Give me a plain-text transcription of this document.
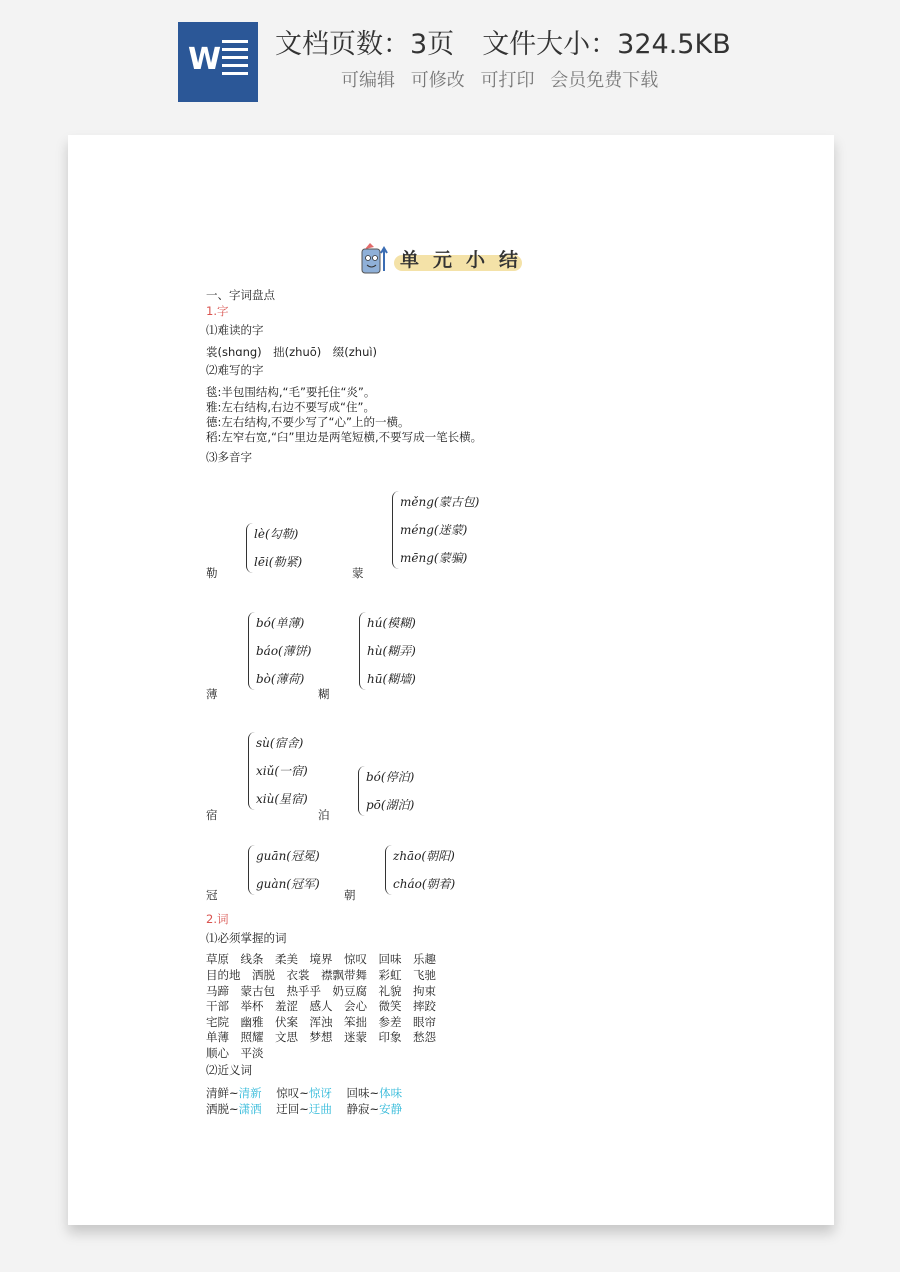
W 文档页数：3页 文件大小：324.5KB
可编辑 可修改 可打印 会员免费下载
单元小结
一、字词盘点
1.字
⑴难读的字
裳(shɑng)　拙(zhuō)　缀(zhuì)
⑵难写的字
毯:半包围结构,“毛”要托住“炎”。
雅:左右结构,右边不要写成“住”。
德:左右结构,不要少写了“心”上的一横。
稻:左窄右宽,“臼”里边是两笔短横,不要写成一笔长横。
⑶多音字
勒
lè(勾勒)
lēi(勒紧)
蒙
měng(蒙古包)
méng(迷蒙)
mēng(蒙骗)
薄
bó(单薄)
báo(薄饼)
bò(薄荷)
糊
hú(模糊)
hù(糊弄)
hū(糊墙)
宿
sù(宿舍)
xiǔ(一宿)
xiù(星宿)
泊
bó(停泊)
pō(湖泊)
冠
guān(冠冕)
guàn(冠军)
朝
zhāo(朝阳)
cháo(朝着)
2.词
⑴必须掌握的词
草原　线条　柔美　境界　惊叹　回味　乐趣
目的地　洒脱　衣裳　襟飘带舞　彩虹　飞驰
马蹄　蒙古包　热乎乎　奶豆腐　礼貌　拘束
干部　举杯　羞涩　感人　会心　微笑　摔跤
宅院　幽雅　伏案　浑浊　笨拙　参差　眼帘
单薄　照耀　文思　梦想　迷蒙　印象　愁怨
顺心　平淡
⑵近义词
清鲜~清新 惊叹~惊讶 回味~体味
洒脱~潇洒 迂回~迂曲 静寂~安静
